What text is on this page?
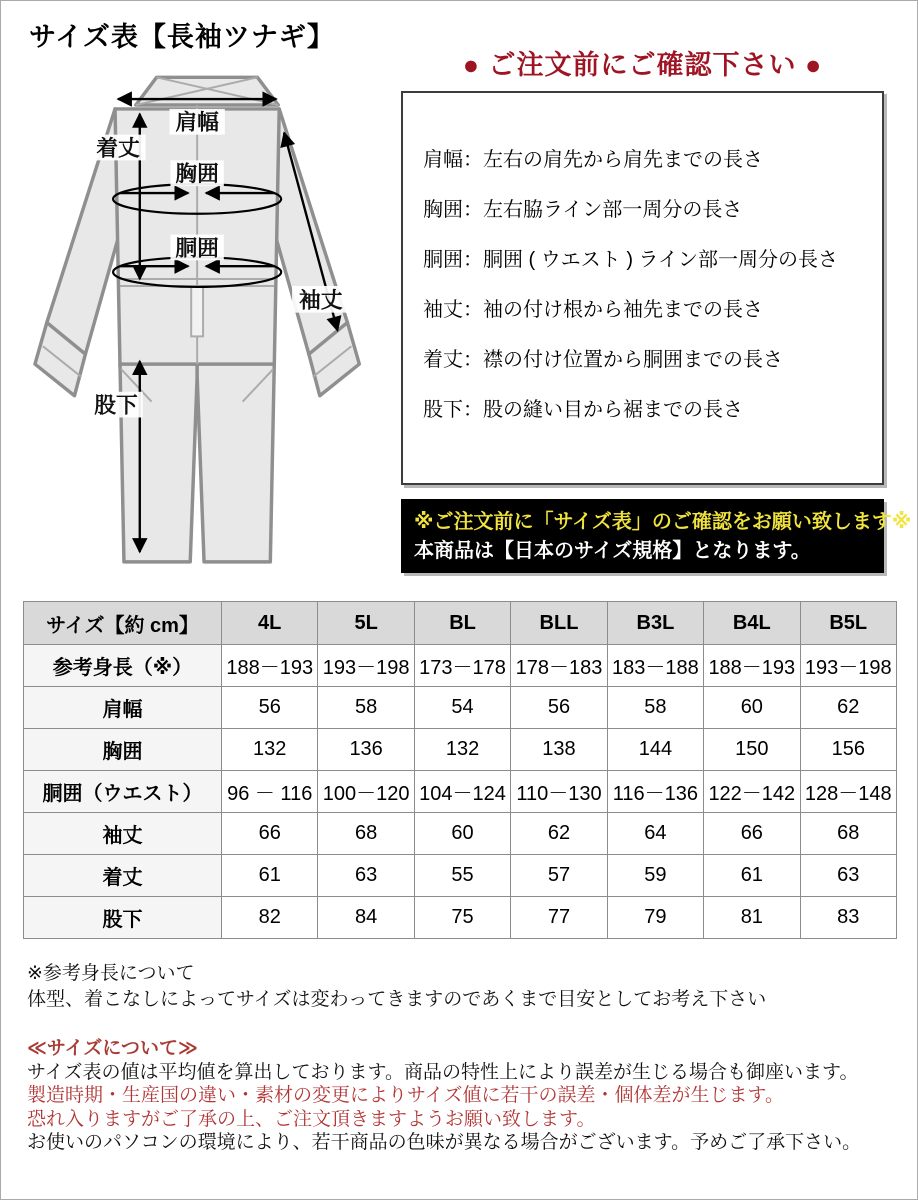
サイズ表【長袖ツナギ】
肩幅
着丈
胸囲
胴囲
袖丈
股下
● ご注文前にご確認下さい ●
肩幅：左右の肩先から肩先までの長さ
胸囲：左右脇ライン部一周分の長さ
胴囲：胴囲 ( ウエスト ) ライン部一周分の長さ
袖丈：袖の付け根から袖先までの長さ
着丈：襟の付け位置から胴囲までの長さ
股下：股の縫い目から裾までの長さ
※ご注文前に「サイズ表」のご確認をお願い致します※
本商品は【日本のサイズ規格】となります。
サイズ【約 cm】	4L	5L	BL	BLL	B3L	B4L	B5L
参考身長（※）	188－193	193－198	173－178	178－183	183－188	188－193	193－198
肩幅	56	58	54	56	58	60	62
胸囲	132	136	132	138	144	150	156
胴囲（ウエスト）	96 － 116	100－120	104－124	110－130	116－136	122－142	128－148
袖丈	66	68	60	62	64	66	68
着丈	61	63	55	57	59	61	63
股下	82	84	75	77	79	81	83
※参考身長について
体型、着こなしによってサイズは変わってきますのであくまで目安としてお考え下さい
≪サイズについて≫
サイズ表の値は平均値を算出しております。商品の特性上により誤差が生じる場合も御座います。
製造時期・生産国の違い・素材の変更によりサイズ値に若干の誤差・個体差が生じます。
恐れ入りますがご了承の上、ご注文頂きますようお願い致します。
お使いのパソコンの環境により、若干商品の色味が異なる場合がございます。予めご了承下さい。
